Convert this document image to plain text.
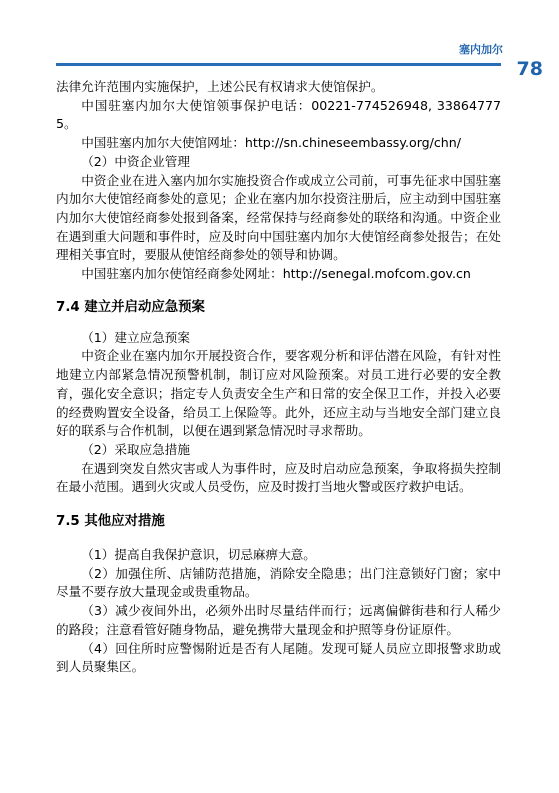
塞内加尔
78

法律允许范围内实施保护，上述公民有权请求大使馆保护。

中国驻塞内加尔大使馆领事保护电话：00221-774526948, 338647775。

中国驻塞内加尔大使馆网址：http://sn.chineseembassy.org/chn/

（2）中资企业管理

中资企业在进入塞内加尔实施投资合作或成立公司前，可事先征求中国驻塞内加尔大使馆经商参处的意见；企业在塞内加尔投资注册后，应主动到中国驻塞内加尔大使馆经商参处报到备案，经常保持与经商参处的联络和沟通。中资企业在遇到重大问题和事件时，应及时向中国驻塞内加尔大使馆经商参处报告；在处理相关事宜时，要服从使馆经商参处的领导和协调。

中国驻塞内加尔使馆经商参处网址：http://senegal.mofcom.gov.cn

7.4 建立并启动应急预案

（1）建立应急预案

中资企业在塞内加尔开展投资合作，要客观分析和评估潜在风险，有针对性地建立内部紧急情况预警机制，制订应对风险预案。对员工进行必要的安全教育，强化安全意识；指定专人负责安全生产和日常的安全保卫工作，并投入必要的经费购置安全设备，给员工上保险等。此外，还应主动与当地安全部门建立良好的联系与合作机制，以便在遇到紧急情况时寻求帮助。

（2）采取应急措施

在遇到突发自然灾害或人为事件时，应及时启动应急预案，争取将损失控制在最小范围。遇到火灾或人员受伤，应及时拨打当地火警或医疗救护电话。

7.5 其他应对措施

（1）提高自我保护意识，切忌麻痹大意。

（2）加强住所、店铺防范措施，消除安全隐患；出门注意锁好门窗；家中尽量不要存放大量现金或贵重物品。

（3）减少夜间外出，必须外出时尽量结伴而行；远离偏僻街巷和行人稀少的路段；注意看管好随身物品，避免携带大量现金和护照等身份证原件。

（4）回住所时应警惕附近是否有人尾随。发现可疑人员应立即报警求助或到人员聚集区。
